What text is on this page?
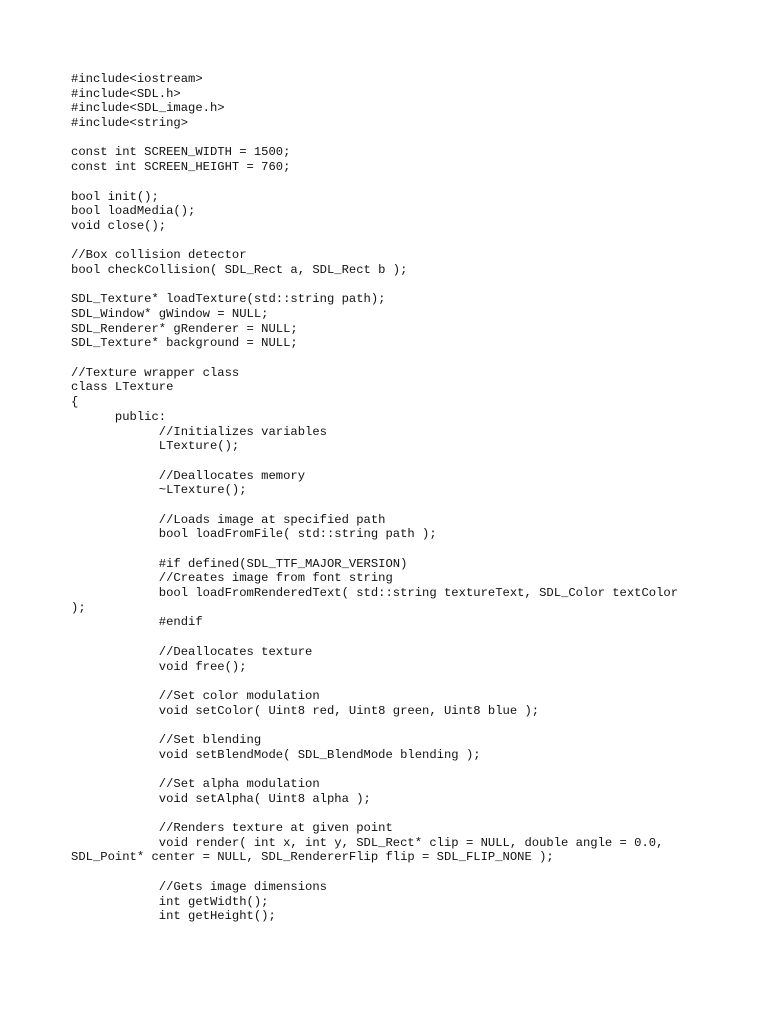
#include<iostream>
#include<SDL.h>
#include<SDL_image.h>
#include<string>
const int SCREEN_WIDTH = 1500;
const int SCREEN_HEIGHT = 760;
bool init();
bool loadMedia();
void close();
//Box collision detector
bool checkCollision( SDL_Rect a, SDL_Rect b );
SDL_Texture* loadTexture(std::string path);
SDL_Window* gWindow = NULL;
SDL_Renderer* gRenderer = NULL;
SDL_Texture* background = NULL;
//Texture wrapper class
class LTexture
{
public:
//Initializes variables
LTexture();
//Deallocates memory
~LTexture();
//Loads image at specified path
bool loadFromFile( std::string path );
#if defined(SDL_TTF_MAJOR_VERSION)
//Creates image from font string
bool loadFromRenderedText( std::string textureText, SDL_Color textColor
);
#endif
//Deallocates texture
void free();
//Set color modulation
void setColor( Uint8 red, Uint8 green, Uint8 blue );
//Set blending
void setBlendMode( SDL_BlendMode blending );
//Set alpha modulation
void setAlpha( Uint8 alpha );
//Renders texture at given point
void render( int x, int y, SDL_Rect* clip = NULL, double angle = 0.0,
SDL_Point* center = NULL, SDL_RendererFlip flip = SDL_FLIP_NONE );
//Gets image dimensions
int getWidth();
int getHeight();
